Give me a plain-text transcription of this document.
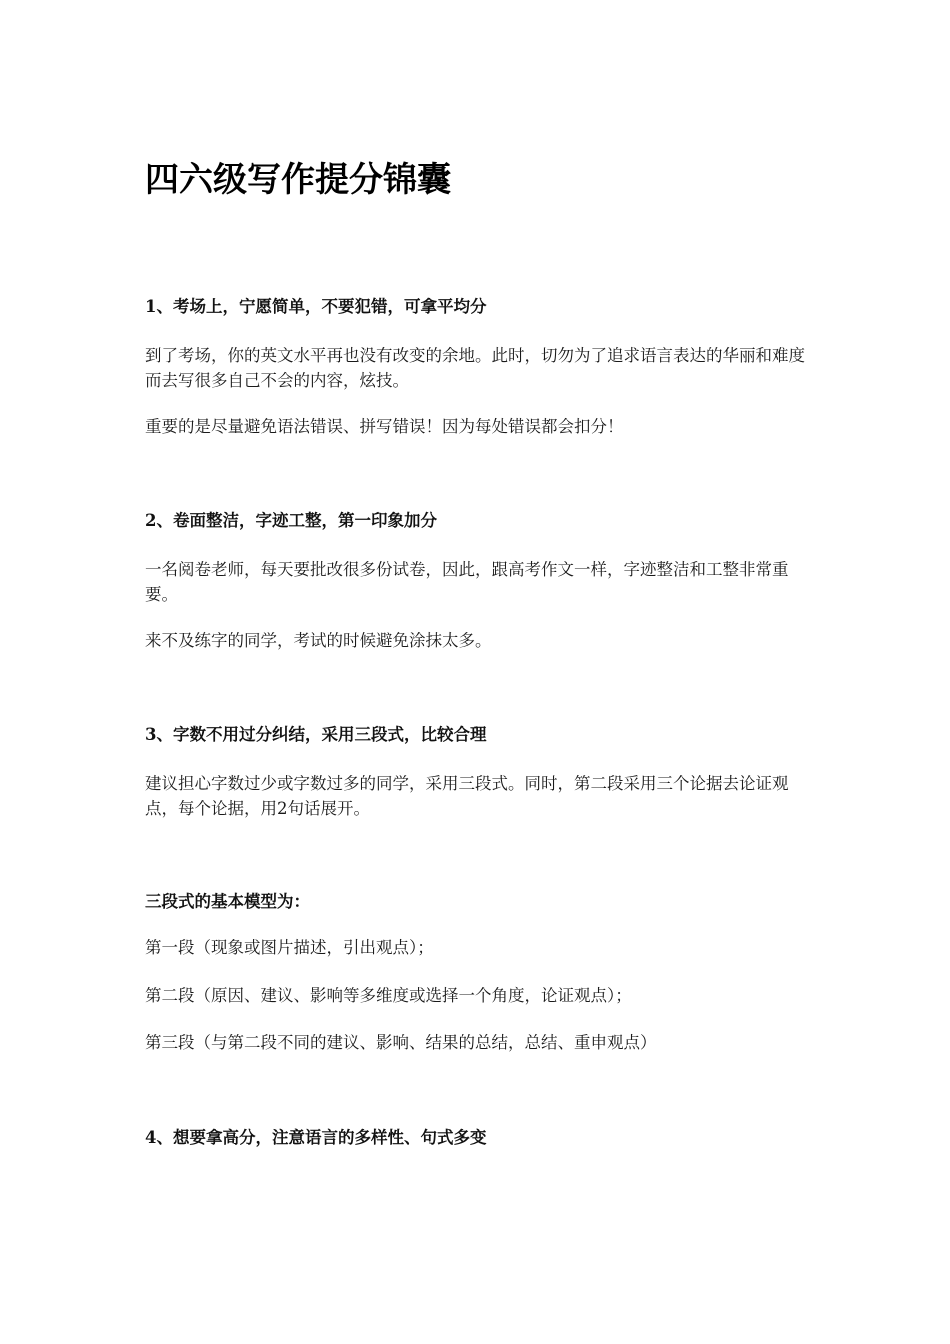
四六级写作提分锦囊
1、考场上，宁愿简单，不要犯错，可拿平均分

到了考场，你的英文水平再也没有改变的余地。此时，切勿为了追求语言表达的华丽和难度而去写很多自己不会的内容，炫技。

重要的是尽量避免语法错误、拼写错误！因为每处错误都会扣分！

2、卷面整洁，字迹工整，第一印象加分

一名阅卷老师，每天要批改很多份试卷，因此，跟高考作文一样，字迹整洁和工整非常重要。

来不及练字的同学，考试的时候避免涂抹太多。

3、字数不用过分纠结，采用三段式，比较合理

建议担心字数过少或字数过多的同学，采用三段式。同时，第二段采用三个论据去论证观点，每个论据，用2句话展开。

三段式的基本模型为：

第一段（现象或图片描述，引出观点）；

第二段（原因、建议、影响等多维度或选择一个角度，论证观点）；

第三段（与第二段不同的建议、影响、结果的总结，总结、重申观点）

4、想要拿高分，注意语言的多样性、句式多变
